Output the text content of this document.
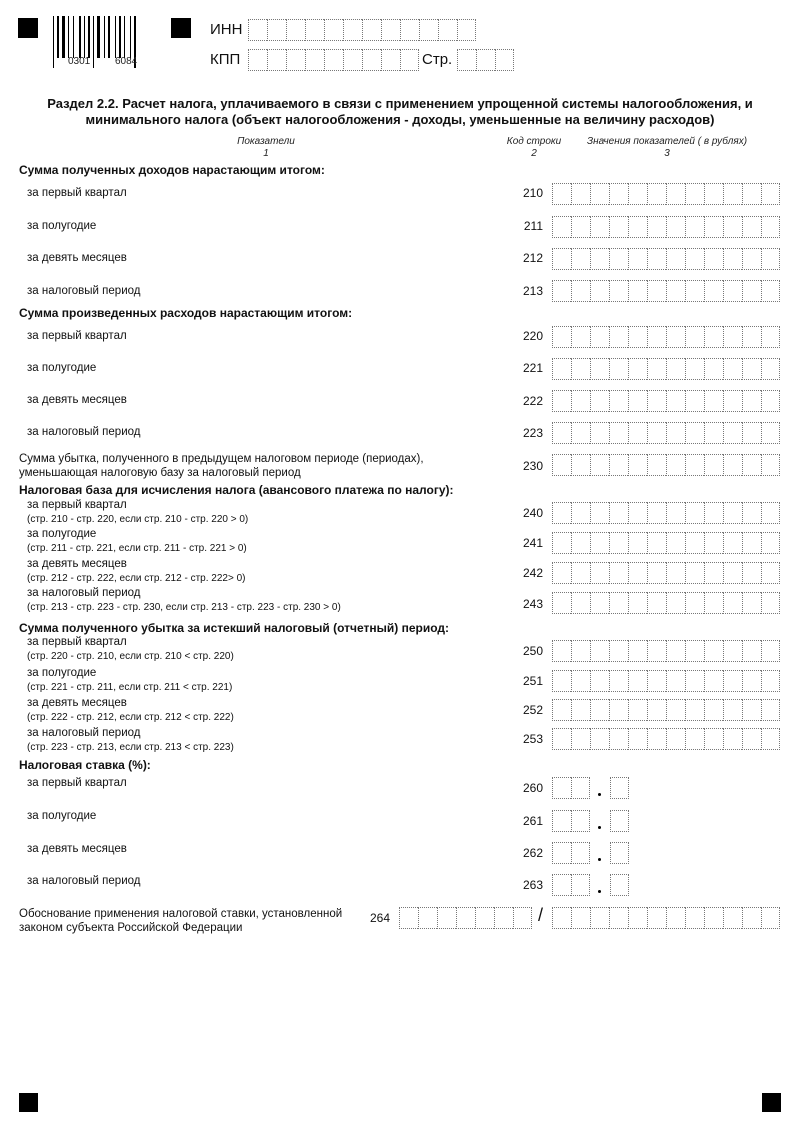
0301 6084
ИНН
КПП	Стр.
Раздел 2.2. Расчет налога, уплачиваемого в связи с применением упрощенной системы налогообложения, и
минимального налога (объект налогообложения - доходы, уменьшенные на величину расходов)
Показатели
1
Код строки
2
Значения показателей ( в рублях)
3
Сумма полученных доходов нарастающим итогом:
за первый квартал	210
за полугодие	211
за девять месяцев	212
за налоговый период	213
Сумма произведенных расходов нарастающим итогом:
за первый квартал	220
за полугодие	221
за девять месяцев	222
за налоговый период	223
Сумма убытка, полученного в предыдущем налоговом периоде (периодах),
уменьшающая налоговую базу за налоговый период	230
Налоговая база для исчисления налога (авансового платежа по налогу):
за первый квартал
(стр. 210 - стр. 220, если стр. 210 - стр. 220 > 0)	240
за полугодие
(стр. 211 - стр. 221, если стр. 211 - стр. 221 > 0)	241
за девять месяцев
(стр. 212 - стр. 222, если стр. 212 - стр. 222> 0)	242
за налоговый период
(стр. 213 - стр. 223 - стр. 230, если стр. 213 - стр. 223 - стр. 230 > 0)	243
Сумма полученного убытка за истекший налоговый (отчетный) период:
за первый квартал
(стр. 220 - стр. 210, если стр. 210 < стр. 220)	250
за полугодие
(стр. 221 - стр. 211, если стр. 211 < стр. 221)	251
за девять месяцев
(стр. 222 - стр. 212, если стр. 212 < стр. 222)
252
за налоговый период
(стр. 223 - стр. 213, если стр. 213 < стр. 223)
253
Налоговая ставка (%):
за первый квартал	260
за полугодие	261
за девять месяцев	262
за налоговый период	263
Обоснование применения налоговой ставки, установленной
законом субъекта Российской Федерации
264	/
